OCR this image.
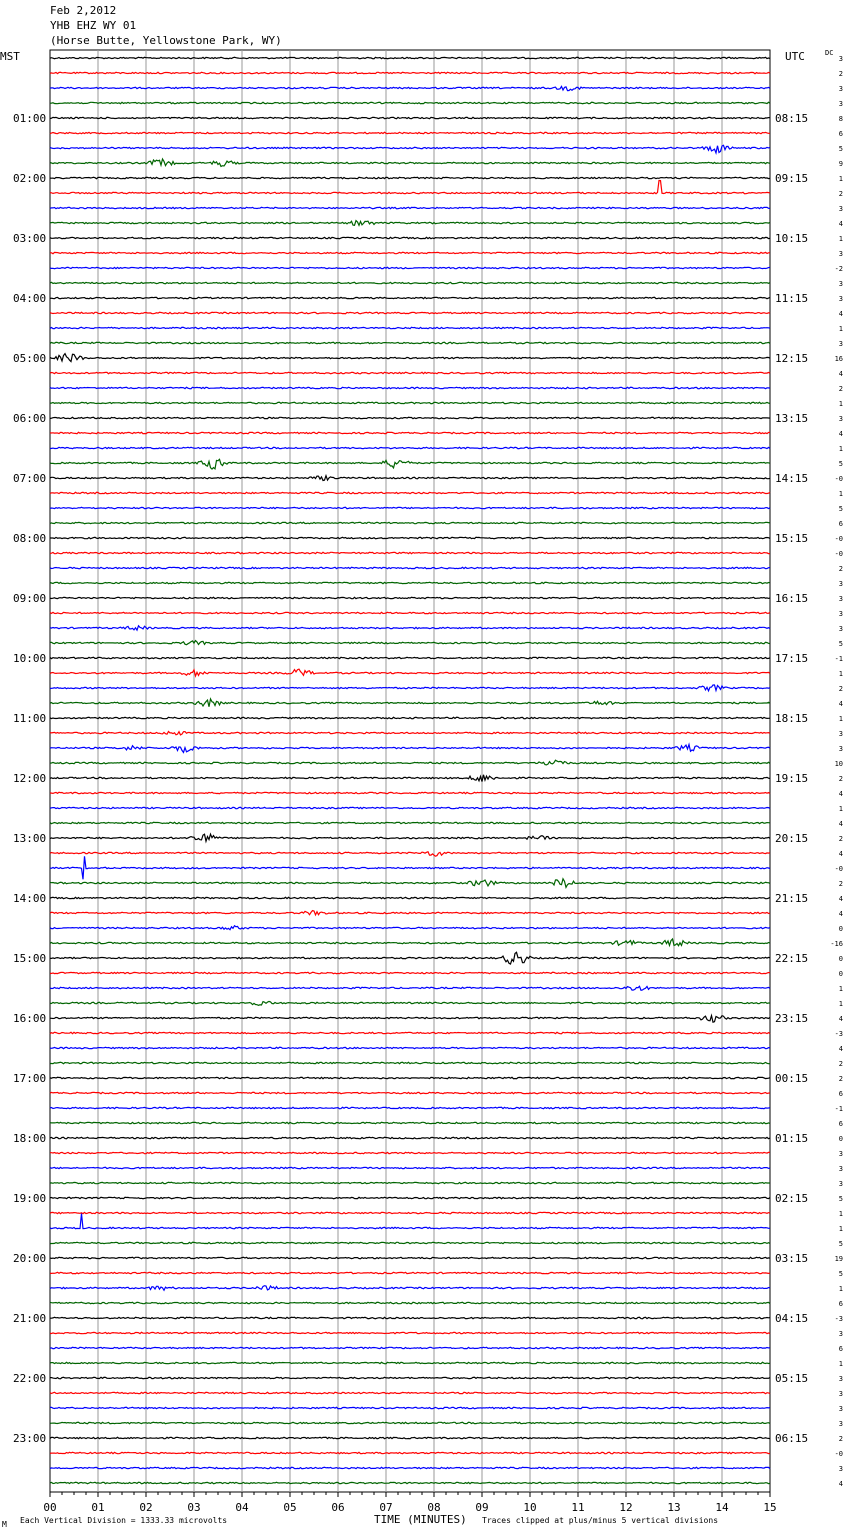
Feb 2,2012
YHB EHZ WY 01
(Horse Butte, Yellowstone Park, WY)
MST	UTC	DC
00	01	02	03	04	05	06	07	08	09	10	11	12	13	14	15
3
2
3
3
8
6
5
9
1
2
3
4
1
3
-2
3
3
4
1
3
16
4
2
1
3
4
1
5
-0
1
5
6
-0
-0
2
3
3
3
3
5
-1
1
2
4
1
3
3
10
2
4
1
4
2
4
-0
2
4
4
0
-16
0
0
1
1
4
-3
4
2
2
6
-1
6
0
3
3
3
5
1
1
5
19
5
1
6
-3
3
6
1
3
3
3
3
2
-0
3
4
01:00	08:15
02:00	09:15
03:00	10:15
04:00	11:15
05:00	12:15
06:00	13:15
07:00	14:15
08:00	15:15
09:00	16:15
10:00	17:15
11:00	18:15
12:00	19:15
13:00	20:15
14:00	21:15
15:00	22:15
16:00	23:15
17:00	00:15
18:00	01:15
19:00	02:15
20:00	03:15
21:00	04:15
22:00	05:15
23:00	06:15
M Each Vertical Division = 1333.33 microvolts	TIME (MINUTES) Traces clipped at plus/minus 5 vertical divisions
